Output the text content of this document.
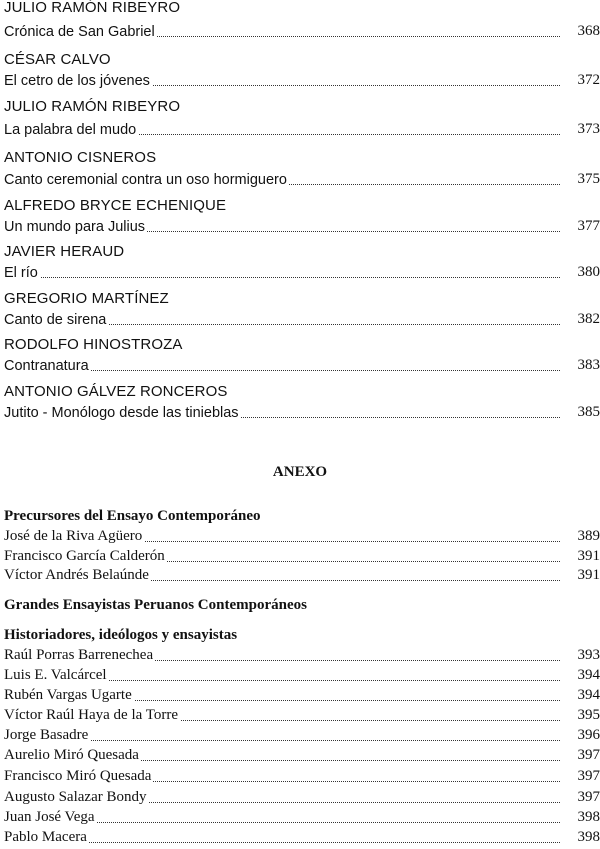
JULIO RAMÓN RIBEYRO
Crónica de San Gabriel	368
CÉSAR CALVO
El cetro de los jóvenes	372
JULIO RAMÓN RIBEYRO
La palabra del mudo	373
ANTONIO CISNEROS
Canto ceremonial contra un oso hormiguero	375
ALFREDO BRYCE ECHENIQUE
Un mundo para Julius	377
JAVIER HERAUD
El río	380
GREGORIO MARTÍNEZ
Canto de sirena	382
RODOLFO HINOSTROZA
Contranatura	383
ANTONIO GÁLVEZ RONCEROS
Jutito - Monólogo desde las tinieblas	385
ANEXO
Precursores del Ensayo Contemporáneo
José de la Riva Agüero	389
Francisco García Calderón	391
Víctor Andrés Belaúnde	391
Grandes Ensayistas Peruanos Contemporáneos
Historiadores, ideólogos y ensayistas
Raúl Porras Barrenechea	393
Luis E. Valcárcel	394
Rubén Vargas Ugarte	394
Víctor Raúl Haya de la Torre	395
Jorge Basadre	396
Aurelio Miró Quesada	397
Francisco Miró Quesada	397
Augusto Salazar Bondy	397
Juan José Vega	398
Pablo Macera	398
